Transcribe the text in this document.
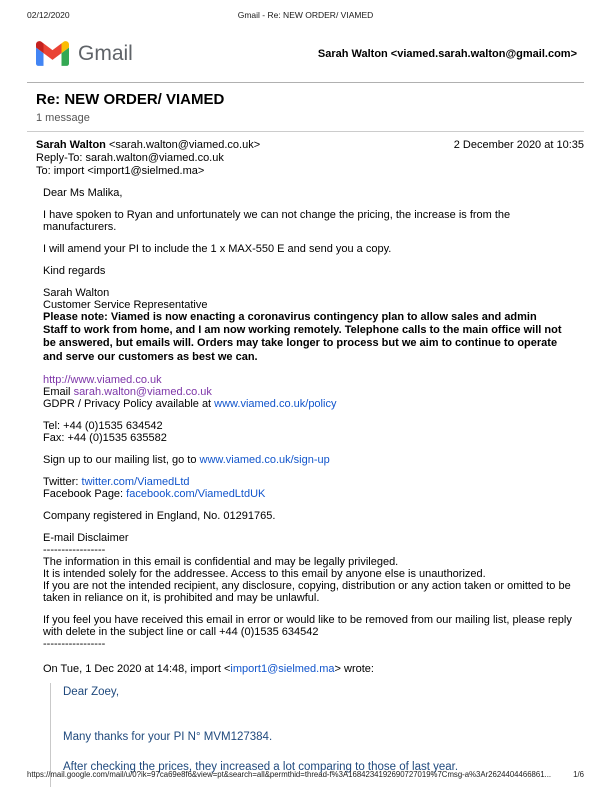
02/12/2020	Gmail - Re: NEW ORDER/ VIAMED
Gmail	Sarah Walton <viamed.sarah.walton@gmail.com>
Re: NEW ORDER/ VIAMED
1 message
Sarah Walton <sarah.walton@viamed.co.uk>	2 December 2020 at 10:35
Reply-To: sarah.walton@viamed.co.uk
To: import <import1@sielmed.ma>
Dear Ms Malika,
I have spoken to Ryan and unfortunately we can not change the pricing, the increase is from the manufacturers.
I will amend your PI to include the 1 x MAX-550 E and send you a copy.
Kind regards
Sarah Walton
Customer Service Representative
Please note: Viamed is now enacting a coronavirus contingency plan to allow sales and admin Staff to work from home, and I am now working remotely. Telephone calls to the main office will not be answered, but emails will. Orders may take longer to process but we aim to continue to operate and serve our customers as best we can.
http://www.viamed.co.uk
Email sarah.walton@viamed.co.uk
GDPR / Privacy Policy available at www.viamed.co.uk/policy
Tel: +44 (0)1535 634542
Fax: +44 (0)1535 635582
Sign up to our mailing list, go to www.viamed.co.uk/sign-up
Twitter: twitter.com/ViamedLtd
Facebook Page: facebook.com/ViamedLtdUK
Company registered in England, No. 01291765.
E-mail Disclaimer
-----------------
The information in this email is confidential and may be legally privileged.
It is intended solely for the addressee. Access to this email by anyone else is unauthorized.
If you are not the intended recipient, any disclosure, copying, distribution or any action taken or omitted to be taken in reliance on it, is prohibited and may be unlawful.
If you feel you have received this email in error or would like to be removed from our mailing list, please reply with delete in the subject line or call +44 (0)1535 634542
-----------------
On Tue, 1 Dec 2020 at 14:48, import <import1@sielmed.ma> wrote:
Dear Zoey,
Many thanks for your PI N° MVM127384.
After checking the prices, they increased a lot comparing to those of last year.
https://mail.google.com/mail/u/0?ik=97ca69e8f6&view=pt&search=all&permthid=thread-f%3A1684234192690727019%7Cmsg-a%3Ar2624404466861...	1/6
